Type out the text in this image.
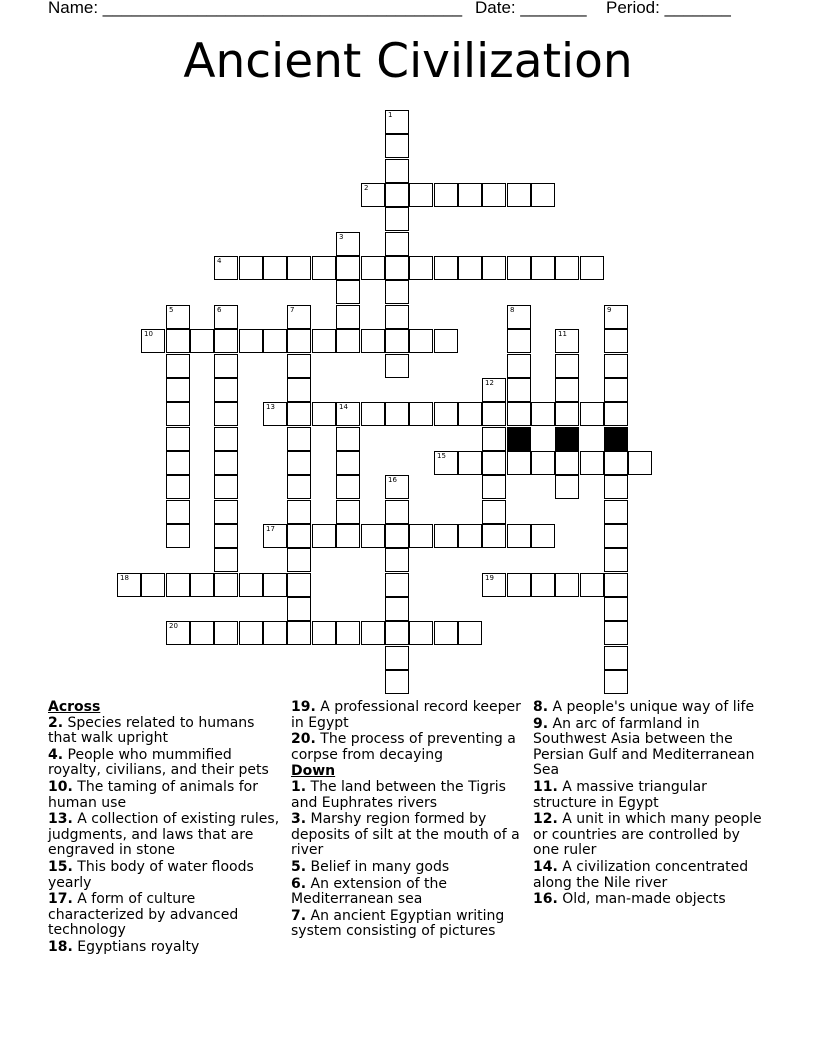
Name: ______________________________________ Date: _______ Period: _______
Ancient Civilization
1
2
3
4
5	6	7	8	9
10	11
12
13	14
15
16
17
18	19
20
Across
2. Species related to humans that walk upright
4. People who mummified royalty, civilians, and their pets
10. The taming of animals for human use
13. A collection of existing rules, judgments, and laws that are engraved in stone
15. This body of water floods yearly
17. A form of culture characterized by advanced technology
18. Egyptians royalty
19. A professional record keeper in Egypt
20. The process of preventing a corpse from decaying
Down
1. The land between the Tigris and Euphrates rivers
3. Marshy region formed by deposits of silt at the mouth of a river
5. Belief in many gods
6. An extension of the Mediterranean sea
7. An ancient Egyptian writing system consisting of pictures
8. A people's unique way of life
9. An arc of farmland in Southwest Asia between the Persian Gulf and Mediterranean Sea
11. A massive triangular structure in Egypt
12. A unit in which many people or countries are controlled by one ruler
14. A civilization concentrated along the Nile river
16. Old, man-made objects
